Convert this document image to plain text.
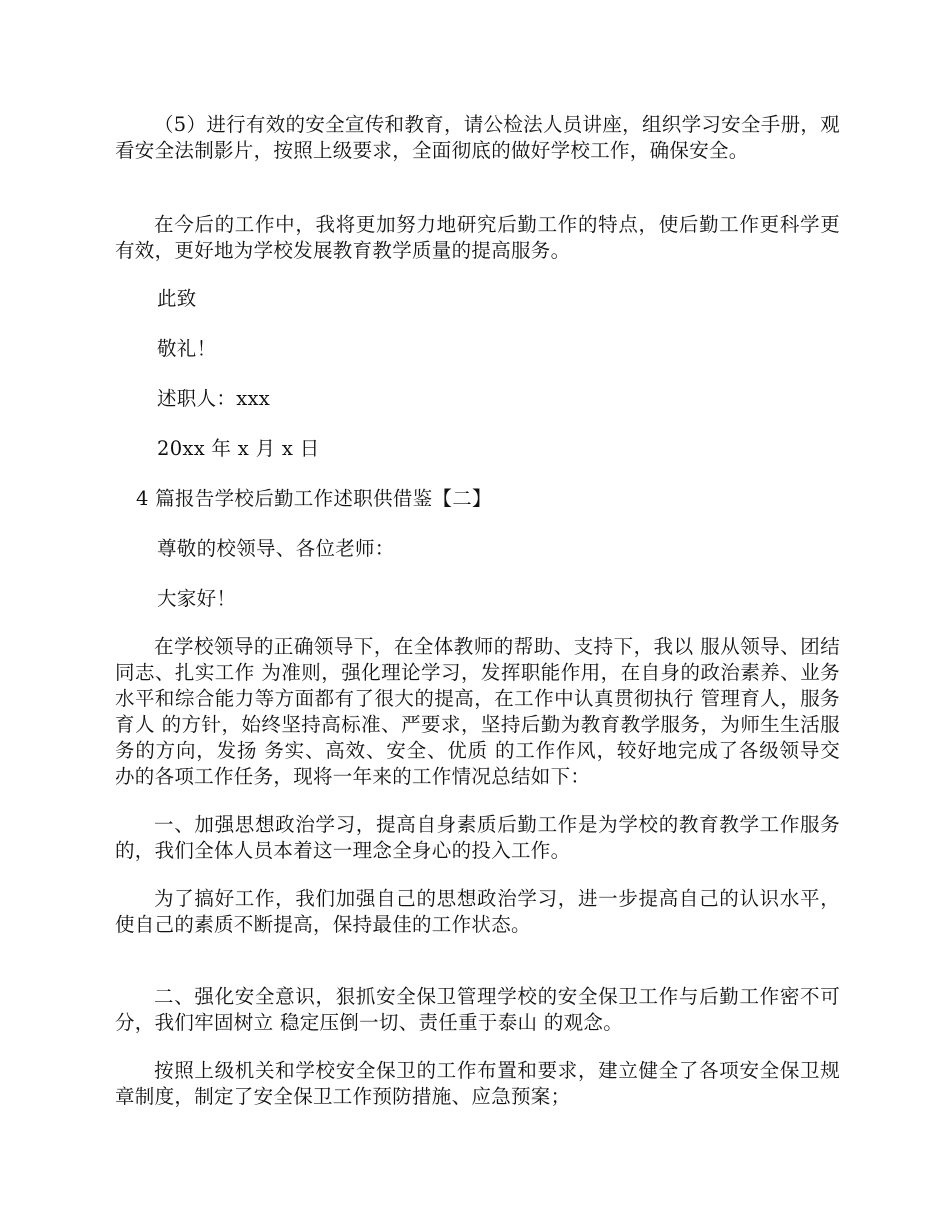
（5）进行有效的安全宣传和教育，请公检法人员讲座，组织学习安全手册，观看安全法制影片，按照上级要求，全面彻底的做好学校工作，确保安全。

在今后的工作中，我将更加努力地研究后勤工作的特点，使后勤工作更科学更有效，更好地为学校发展教育教学质量的提高服务。

此致

敬礼！

述职人：xxx

20xx 年 x 月 x 日

4 篇报告学校后勤工作述职供借鉴【二】

尊敬的校领导、各位老师：

大家好！

在学校领导的正确领导下，在全体教师的帮助、支持下，我以 服从领导、团结同志、扎实工作 为准则，强化理论学习，发挥职能作用，在自身的政治素养、业务水平和综合能力等方面都有了很大的提高，在工作中认真贯彻执行 管理育人，服务育人 的方针，始终坚持高标准、严要求，坚持后勤为教育教学服务，为师生生活服务的方向，发扬 务实、高效、安全、优质 的工作作风，较好地完成了各级领导交办的各项工作任务，现将一年来的工作情况总结如下：

一、加强思想政治学习，提高自身素质后勤工作是为学校的教育教学工作服务的，我们全体人员本着这一理念全身心的投入工作。

为了搞好工作，我们加强自己的思想政治学习，进一步提高自己的认识水平，使自己的素质不断提高，保持最佳的工作状态。

二、强化安全意识，狠抓安全保卫管理学校的安全保卫工作与后勤工作密不可分，我们牢固树立 稳定压倒一切、责任重于泰山 的观念。

按照上级机关和学校安全保卫的工作布置和要求，建立健全了各项安全保卫规章制度，制定了安全保卫工作预防措施、应急预案；
